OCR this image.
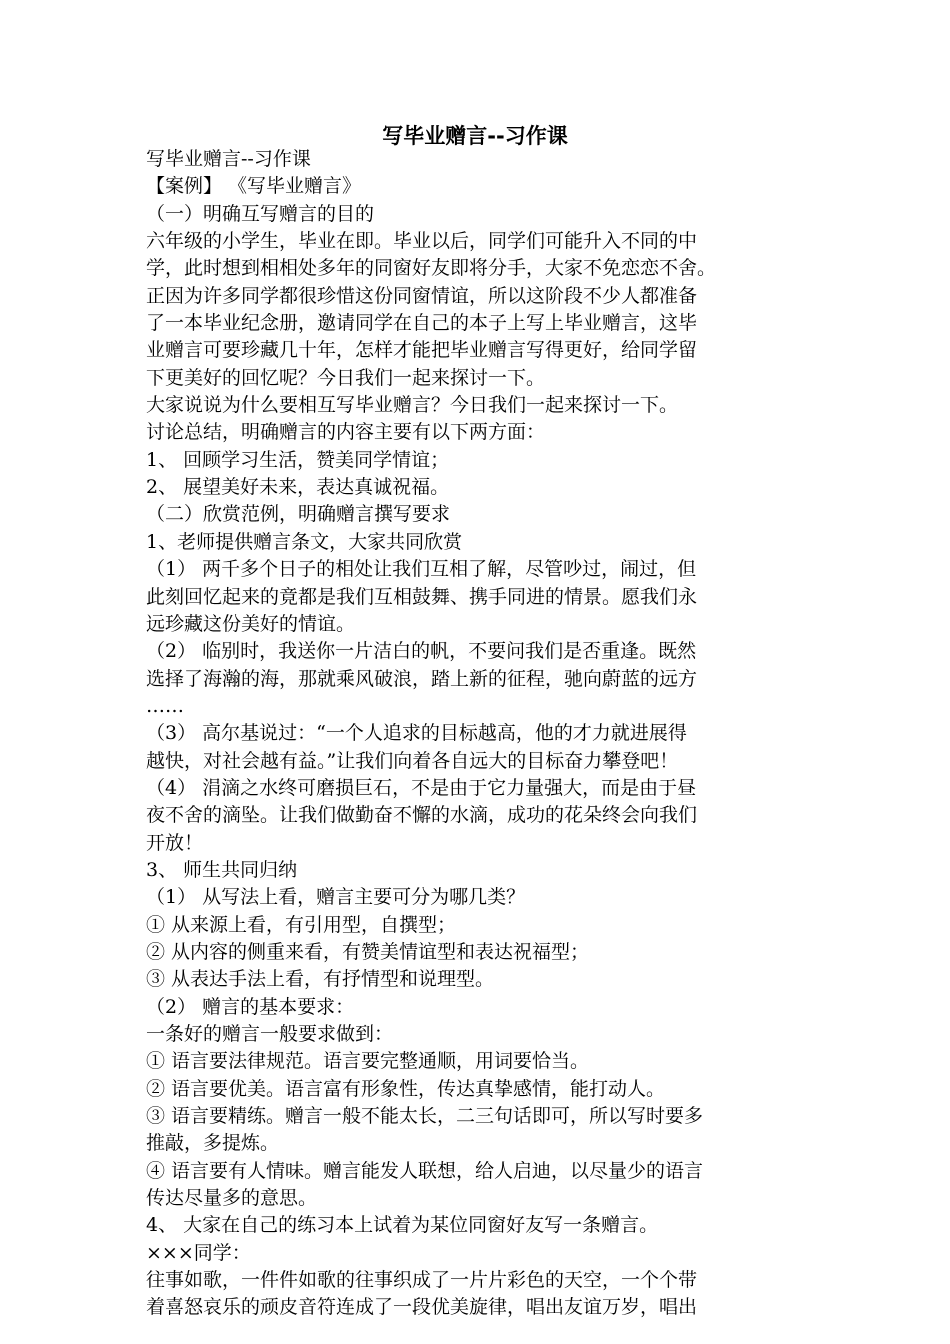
写毕业赠言--习作课
写毕业赠言--习作课
【案例】 《写毕业赠言》
（一）明确互写赠言的目的
六年级的小学生，毕业在即。毕业以后，同学们可能升入不同的中
学，此时想到相相处多年的同窗好友即将分手，大家不免恋恋不舍。
正因为许多同学都很珍惜这份同窗情谊，所以这阶段不少人都准备
了一本毕业纪念册，邀请同学在自己的本子上写上毕业赠言，这毕
业赠言可要珍藏几十年，怎样才能把毕业赠言写得更好，给同学留
下更美好的回忆呢？今日我们一起来探讨一下。
大家说说为什么要相互写毕业赠言？今日我们一起来探讨一下。
讨论总结，明确赠言的内容主要有以下两方面：
1、 回顾学习生活，赞美同学情谊；
2、 展望美好未来，表达真诚祝福。
（二）欣赏范例，明确赠言撰写要求
1、老师提供赠言条文，大家共同欣赏
（1） 两千多个日子的相处让我们互相了解，尽管吵过，闹过，但
此刻回忆起来的竟都是我们互相鼓舞、携手同进的情景。愿我们永
远珍藏这份美好的情谊。
（2） 临别时，我送你一片洁白的帆，不要问我们是否重逢。既然
选择了海瀚的海，那就乘风破浪，踏上新的征程，驰向蔚蓝的远方
……
（3） 高尔基说过：“一个人追求的目标越高，他的才力就进展得
越快，对社会越有益。”让我们向着各自远大的目标奋力攀登吧！
（4） 涓滴之水终可磨损巨石，不是由于它力量强大，而是由于昼
夜不舍的滴坠。让我们做勤奋不懈的水滴，成功的花朵终会向我们
开放！
3、 师生共同归纳
（1） 从写法上看，赠言主要可分为哪几类？
① 从来源上看，有引用型，自撰型；
② 从内容的侧重来看，有赞美情谊型和表达祝福型；
③ 从表达手法上看，有抒情型和说理型。
（2） 赠言的基本要求：
一条好的赠言一般要求做到：
① 语言要法律规范。语言要完整通顺，用词要恰当。
② 语言要优美。语言富有形象性，传达真挚感情，能打动人。
③ 语言要精练。赠言一般不能太长，二三句话即可，所以写时要多
推敲，多提炼。
④ 语言要有人情味。赠言能发人联想，给人启迪，以尽量少的语言
传达尽量多的意思。
4、 大家在自己的练习本上试着为某位同窗好友写一条赠言。
×××同学：
往事如歌，一件件如歌的往事织成了一片片彩色的天空，一个个带
着喜怒哀乐的顽皮音符连成了一段优美旋律，唱出友谊万岁，唱出
